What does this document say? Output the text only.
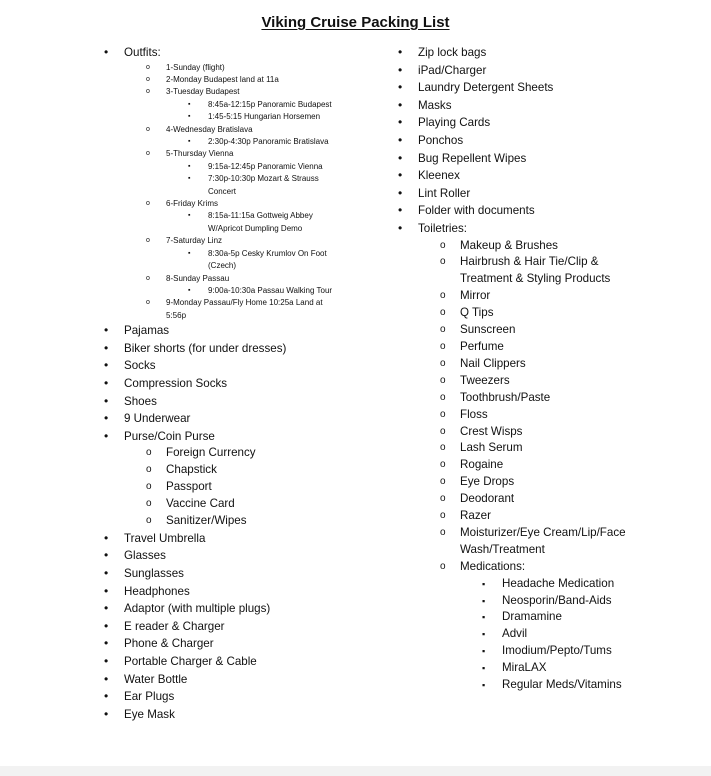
Viking Cruise Packing List
• Outfits:
o 1-Sunday (flight)
o 2-Monday Budapest land at 11a
o 3-Tuesday Budapest
▪ 8:45a-12:15p Panoramic Budapest
▪ 1:45-5:15 Hungarian Horsemen
o 4-Wednesday Bratislava
▪ 2:30p-4:30p Panoramic Bratislava
o 5-Thursday Vienna
▪ 9:15a-12:45p Panoramic Vienna
▪ 7:30p-10:30p Mozart & Strauss Concert
o 6-Friday Krims
▪ 8:15a-11:15a Gottweig Abbey W/Apricot Dumpling Demo
o 7-Saturday Linz
▪ 8:30a-5p Cesky Krumlov On Foot (Czech)
o 8-Sunday Passau
▪ 9:00a-10:30a Passau Walking Tour
o 9-Monday Passau/Fly Home 10:25a Land at 5:56p
• Pajamas
• Biker shorts (for under dresses)
• Socks
• Compression Socks
• Shoes
• 9 Underwear
• Purse/Coin Purse
o Foreign Currency
o Chapstick
o Passport
o Vaccine Card
o Sanitizer/Wipes
• Travel Umbrella
• Glasses
• Sunglasses
• Headphones
• Adaptor (with multiple plugs)
• E reader & Charger
• Phone & Charger
• Portable Charger & Cable
• Water Bottle
• Ear Plugs
• Eye Mask
• Zip lock bags
• iPad/Charger
• Laundry Detergent Sheets
• Masks
• Playing Cards
• Ponchos
• Bug Repellent Wipes
• Kleenex
• Lint Roller
• Folder with documents
• Toiletries:
o Makeup & Brushes
o Hairbrush & Hair Tie/Clip & Treatment & Styling Products
o Mirror
o Q Tips
o Sunscreen
o Perfume
o Nail Clippers
o Tweezers
o Toothbrush/Paste
o Floss
o Crest Wisps
o Lash Serum
o Rogaine
o Eye Drops
o Deodorant
o Razer
o Moisturizer/Eye Cream/Lip/Face Wash/Treatment
o Medications:
▪ Headache Medication
▪ Neosporin/Band-Aids
▪ Dramamine
▪ Advil
▪ Imodium/Pepto/Tums
▪ MiraLAX
▪ Regular Meds/Vitamins
